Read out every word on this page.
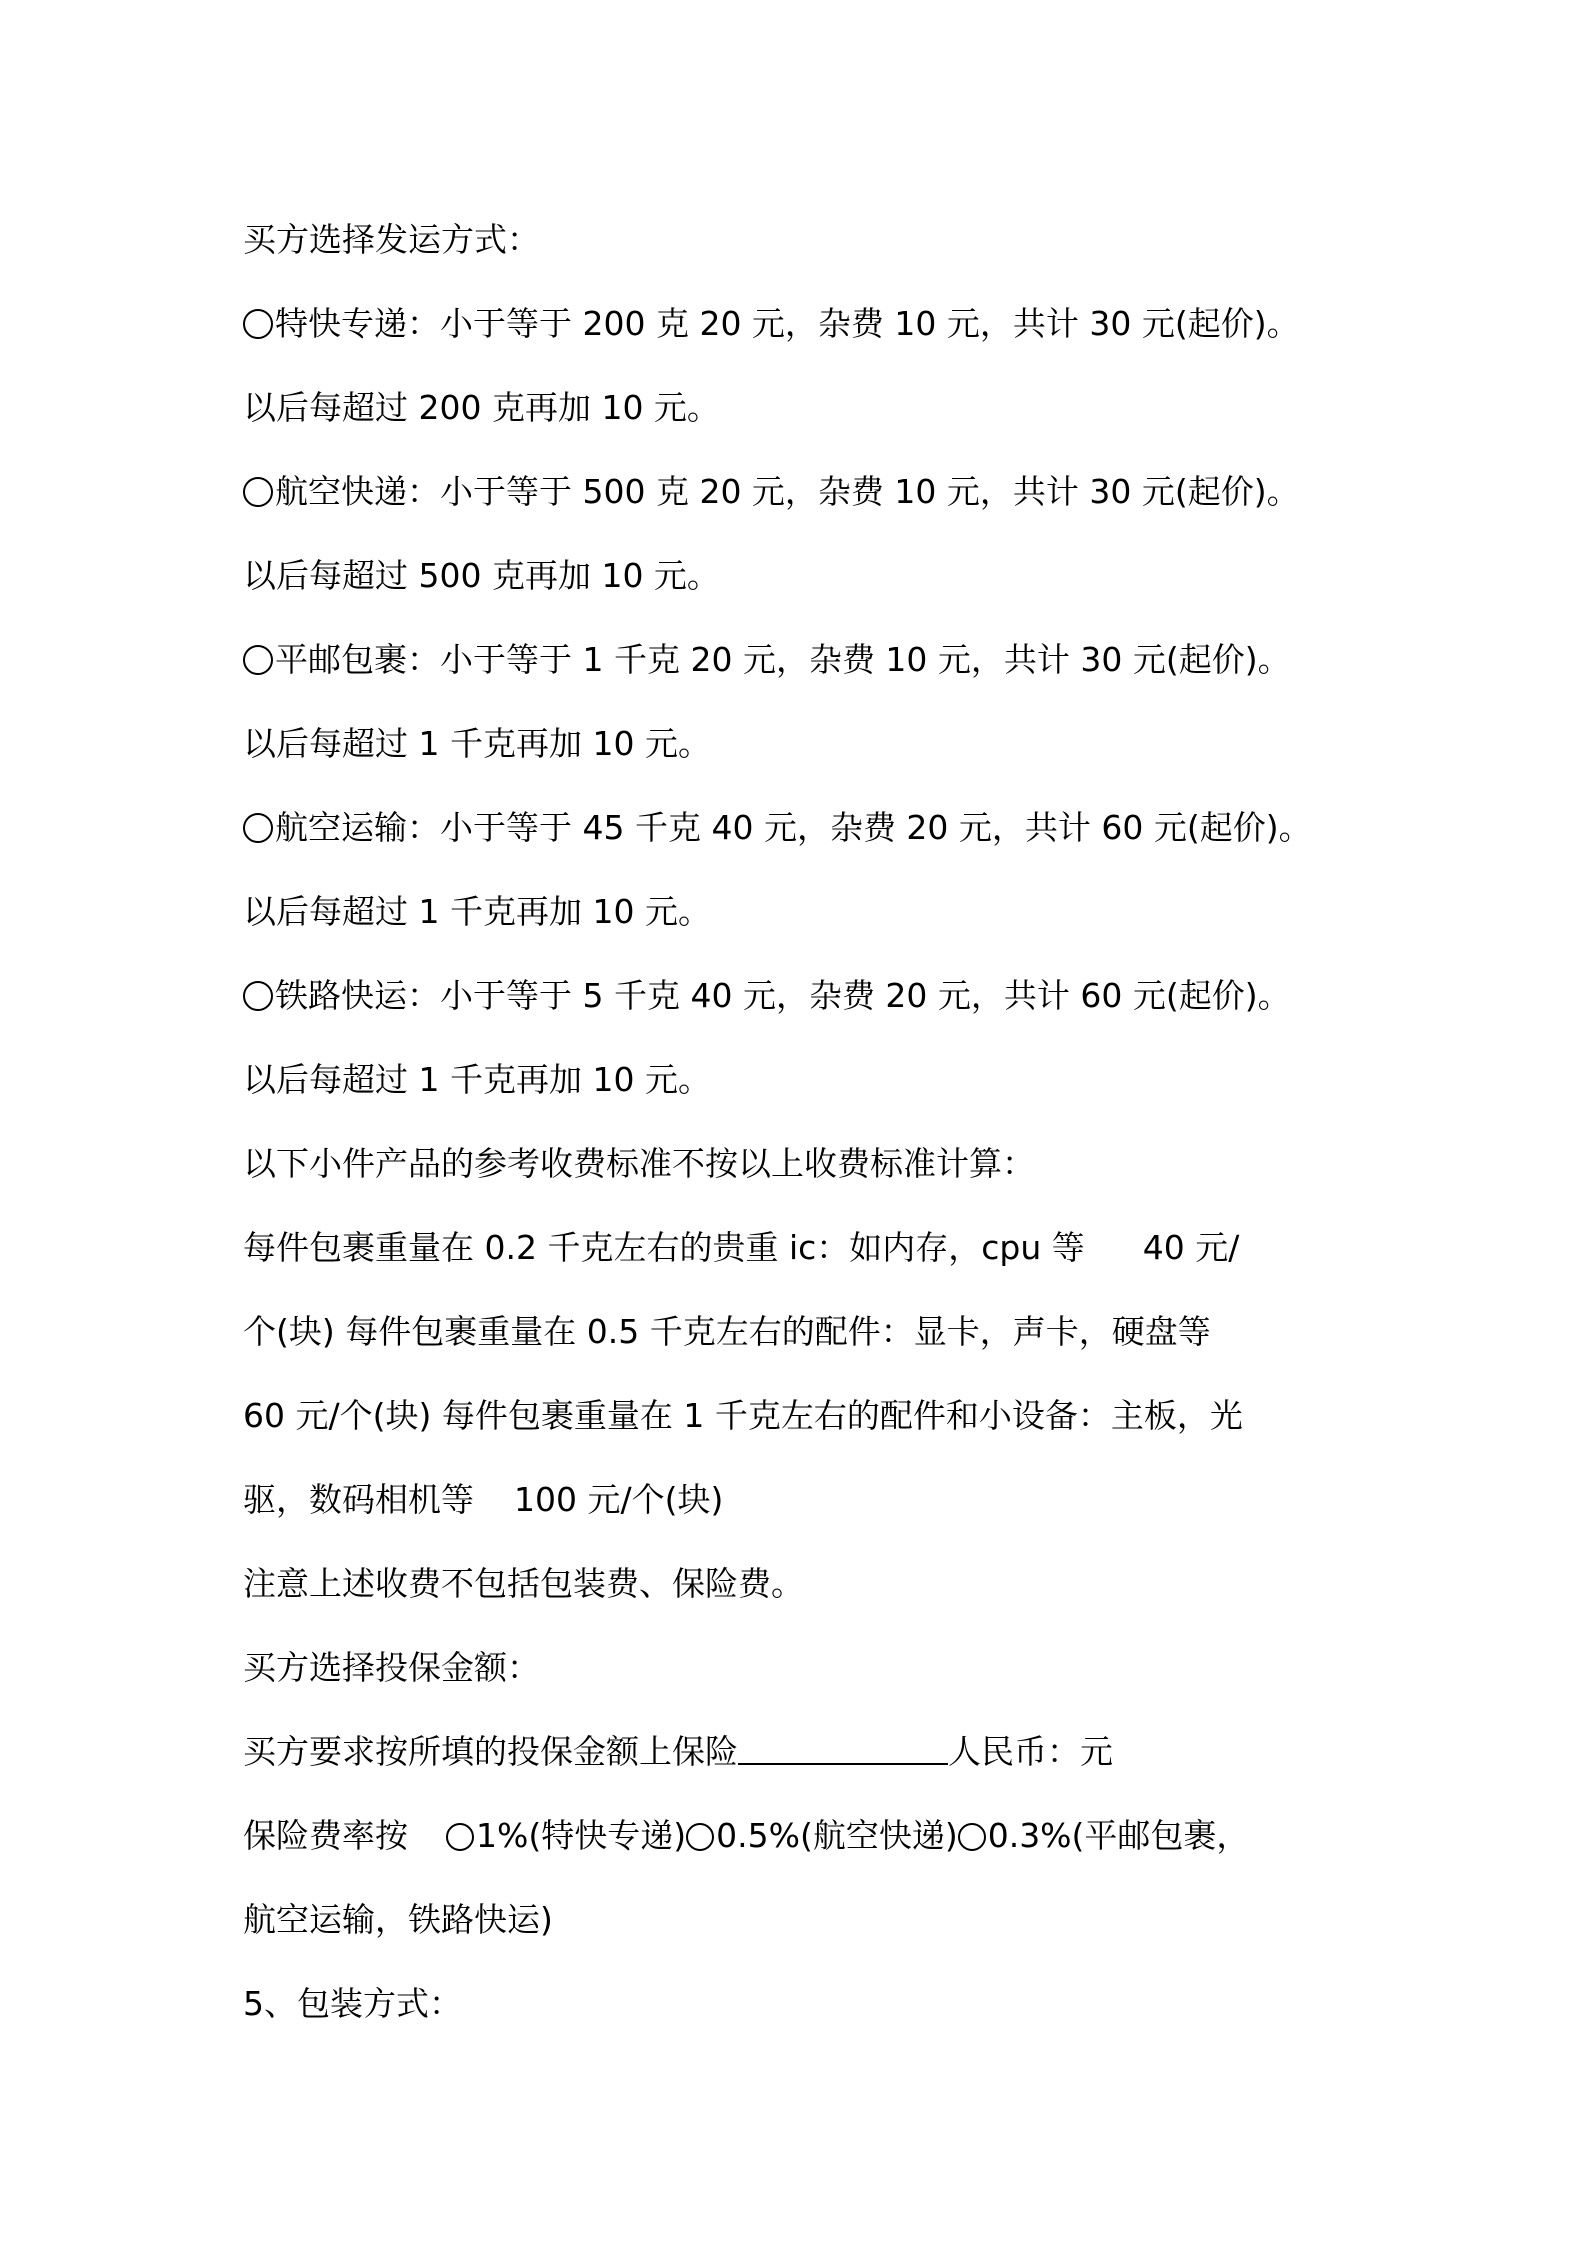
买方选择发运方式：
特快专递：小于等于 200 克 20 元，杂费 10 元，共计 30 元(起价)。
以后每超过 200 克再加 10 元。
航空快递：小于等于 500 克 20 元，杂费 10 元，共计 30 元(起价)。
以后每超过 500 克再加 10 元。
平邮包裹：小于等于 1 千克 20 元，杂费 10 元，共计 30 元(起价)。
以后每超过 1 千克再加 10 元。
航空运输：小于等于 45 千克 40 元，杂费 20 元，共计 60 元(起价)。
以后每超过 1 千克再加 10 元。
铁路快运：小于等于 5 千克 40 元，杂费 20 元，共计 60 元(起价)。
以后每超过 1 千克再加 10 元。
以下小件产品的参考收费标准不按以上收费标准计算：
每件包裹重量在 0.2 千克左右的贵重 ic：如内存，cpu 等 40 元/
个(块) 每件包裹重量在 0.5 千克左右的配件：显卡，声卡，硬盘等
60 元/个(块) 每件包裹重量在 1 千克左右的配件和小设备：主板，光
驱，数码相机等 100 元/个(块)
注意上述收费不包括包装费、保险费。
买方选择投保金额：
买方要求按所填的投保金额上保险	人民币：元
保险费率按 1%(特快专递) 0.5%(航空快递) 0.3%(平邮包裹，
航空运输，铁路快运)
5、包装方式：
